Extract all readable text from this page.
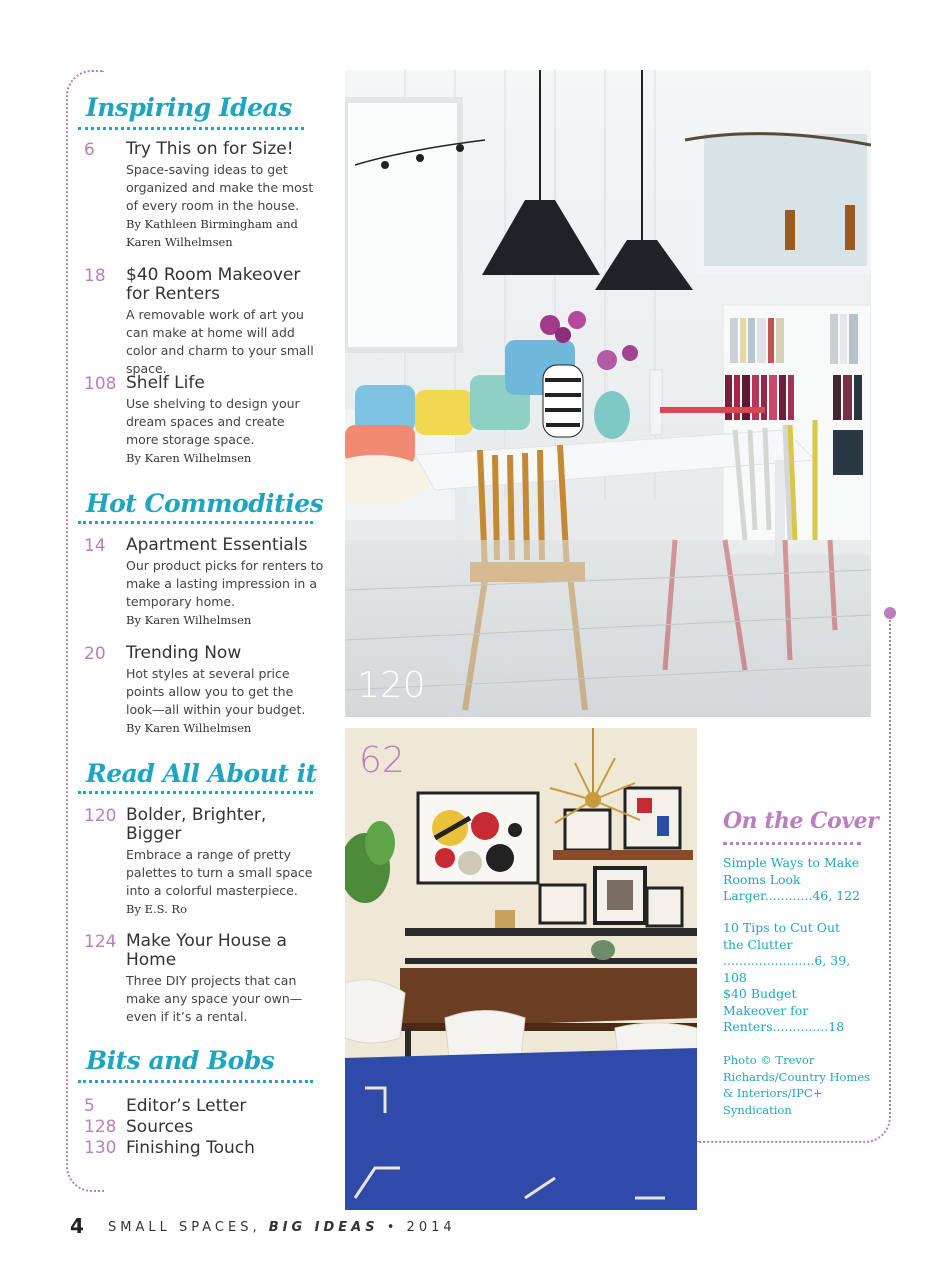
Inspiring Ideas
6 Try This on for Size!
Space-saving ideas to get organized and make the most of every room in the house.
By Kathleen Birmingham and Karen Wilhelmsen
18 $40 Room Makeover for Renters
A removable work of art you can make at home will add color and charm to your small space.
108 Shelf Life
Use shelving to design your dream spaces and create more storage space.
By Karen Wilhelmsen
Hot Commodities
14 Apartment Essentials
Our product picks for renters to make a lasting impression in a temporary home.
By Karen Wilhelmsen
20 Trending Now
Hot styles at several price points allow you to get the look—all within your budget.
By Karen Wilhelmsen
Read All About it
120 Bolder, Brighter, Bigger
Embrace a range of pretty palettes to turn a small space into a colorful masterpiece.
By E.S. Ro
124 Make Your House a Home
Three DIY projects that can make any space your own—even if it’s a rental.
Bits and Bobs
5 Editor’s Letter
128 Sources
130 Finishing Touch
120
62
On the Cover
Simple Ways to Make Rooms Look Larger............46, 122
10 Tips to Cut Out the Clutter .......................6, 39, 108
$40 Budget Makeover for Renters..............18
Photo © Trevor Richards/Country Homes & Interiors/IPC+ Syndication
4 SMALL SPACES, BIG IDEAS • 2014
